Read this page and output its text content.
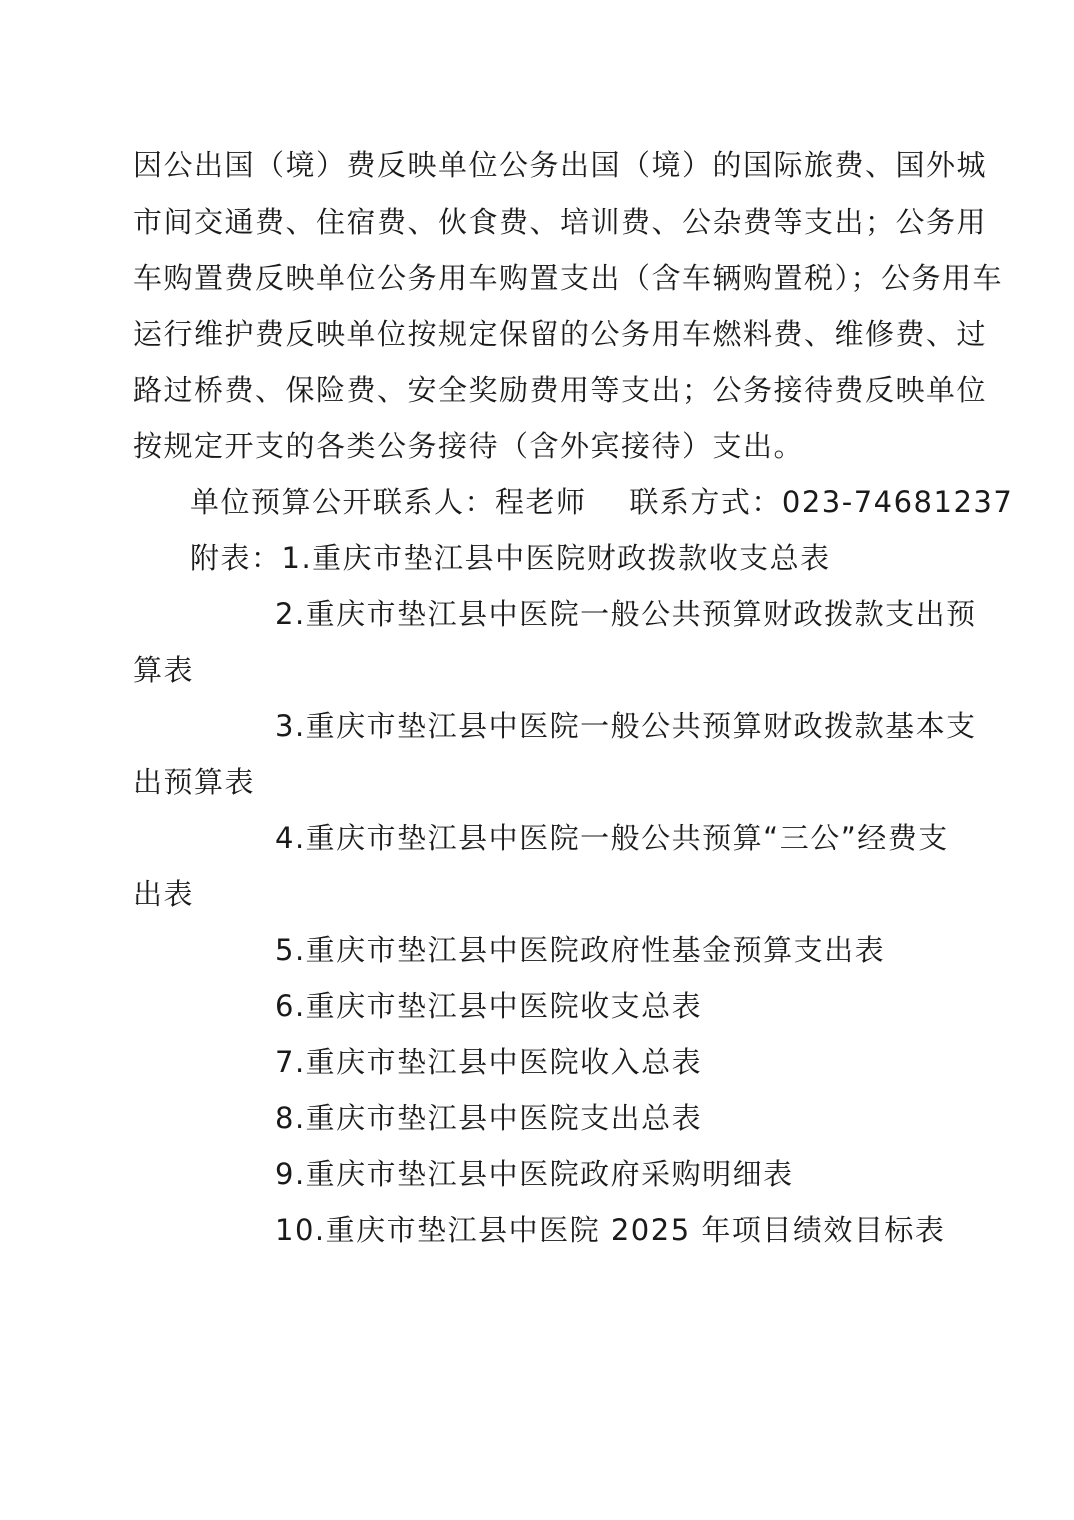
因公出国（境）费反映单位公务出国（境）的国际旅费、国外城
市间交通费、住宿费、伙食费、培训费、公杂费等支出；公务用
车购置费反映单位公务用车购置支出（含车辆购置税）；公务用车
运行维护费反映单位按规定保留的公务用车燃料费、维修费、过
路过桥费、保险费、安全奖励费用等支出；公务接待费反映单位
按规定开支的各类公务接待（含外宾接待）支出。
单位预算公开联系人：程老师    联系方式：023-74681237
附表：1.重庆市垫江县中医院财政拨款收支总表
2.重庆市垫江县中医院一般公共预算财政拨款支出预
算表
3.重庆市垫江县中医院一般公共预算财政拨款基本支
出预算表
4.重庆市垫江县中医院一般公共预算“三公”经费支
出表
5.重庆市垫江县中医院政府性基金预算支出表
6.重庆市垫江县中医院收支总表
7.重庆市垫江县中医院收入总表
8.重庆市垫江县中医院支出总表
9.重庆市垫江县中医院政府采购明细表
10.重庆市垫江县中医院 2025 年项目绩效目标表
